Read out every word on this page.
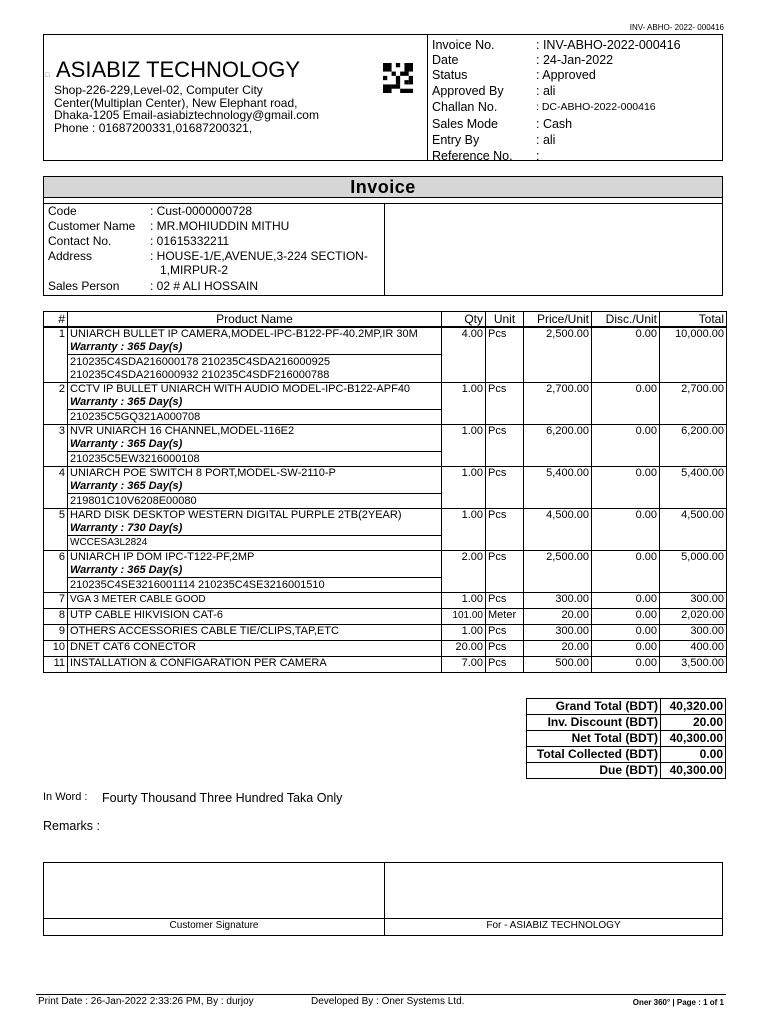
INV- ABHO- 2022- 000416
□ ASIABIZ TECHNOLOGY
Shop-226-229,Level-02, Computer City
Center(Multiplan Center), New Elephant road,
Dhaka-1205 Email-asiabiztechnology@gmail.com
Phone : 01687200331,01687200321,
Invoice No.	: INV-ABHO-2022-000416
Date	: 24-Jan-2022
Status	: Approved
Approved By	: ali
Challan No.	: DC-ABHO-2022-000416
Sales Mode	: Cash
Entry By	: ali
Reference No. :
Invoice
Code	: Cust-0000000728
Customer Name : MR.MOHIUDDIN MITHU
Contact No.	: 01615332211
Address	: HOUSE-1/E,AVENUE,3-224 SECTION-
1,MIRPUR-2
Sales Person	: 02 # ALI HOSSAIN
#	Product Name	Qty	Unit	Price/Unit	Disc./Unit	Total
1	UNIARCH BULLET IP CAMERA,MODEL-IPC-B122-PF-40.2MP,IR 30M
Warranty : 365 Day(s)
210235C4SDA216000178 210235C4SDA216000925
210235C4SDA216000932 210235C4SDF216000788	4.00	Pcs	2,500.00	0.00	10,000.00
2	CCTV IP BULLET UNIARCH WITH AUDIO MODEL-IPC-B122-APF40
Warranty : 365 Day(s)
210235C5GQ321A000708	1.00	Pcs	2,700.00	0.00	2,700.00
3	NVR UNIARCH 16 CHANNEL,MODEL-116E2
Warranty : 365 Day(s)
210235C5EW3216000108	1.00	Pcs	6,200.00	0.00	6,200.00
4	UNIARCH POE SWITCH 8 PORT,MODEL-SW-2110-P
Warranty : 365 Day(s)
219801C10V6208E00080	1.00	Pcs	5,400.00	0.00	5,400.00
5	HARD DISK DESKTOP WESTERN DIGITAL PURPLE 2TB(2YEAR)
Warranty : 730 Day(s)
WCCESA3L2824	1.00	Pcs	4,500.00	0.00	4,500.00
6	UNIARCH IP DOM IPC-T122-PF,2MP
Warranty : 365 Day(s)
210235C4SE3216001114 210235C4SE3216001510	2.00	Pcs	2,500.00	0.00	5,000.00
7	VGA 3 METER CABLE GOOD	1.00	Pcs	300.00	0.00	300.00
8	UTP CABLE HIKVISION CAT-6	101.00	Meter	20.00	0.00	2,020.00
9	OTHERS ACCESSORIES CABLE TIE/CLIPS,TAP,ETC	1.00	Pcs	300.00	0.00	300.00
10	DNET CAT6 CONECTOR	20.00	Pcs	20.00	0.00	400.00
11	INSTALLATION & CONFIGARATION PER CAMERA	7.00	Pcs	500.00	0.00	3,500.00
Grand Total (BDT)	40,320.00
Inv. Discount (BDT)	20.00
Net Total (BDT)	40,300.00
Total Collected (BDT)	0.00
Due (BDT)	40,300.00
In Word : Fourty Thousand Three Hundred Taka Only
Remarks :
Customer Signature	For - ASIABIZ TECHNOLOGY
Print Date : 26-Jan-2022 2:33:26 PM, By : durjoy	Developed By : Oner Systems Ltd.	Oner 360° | Page : 1 of 1
